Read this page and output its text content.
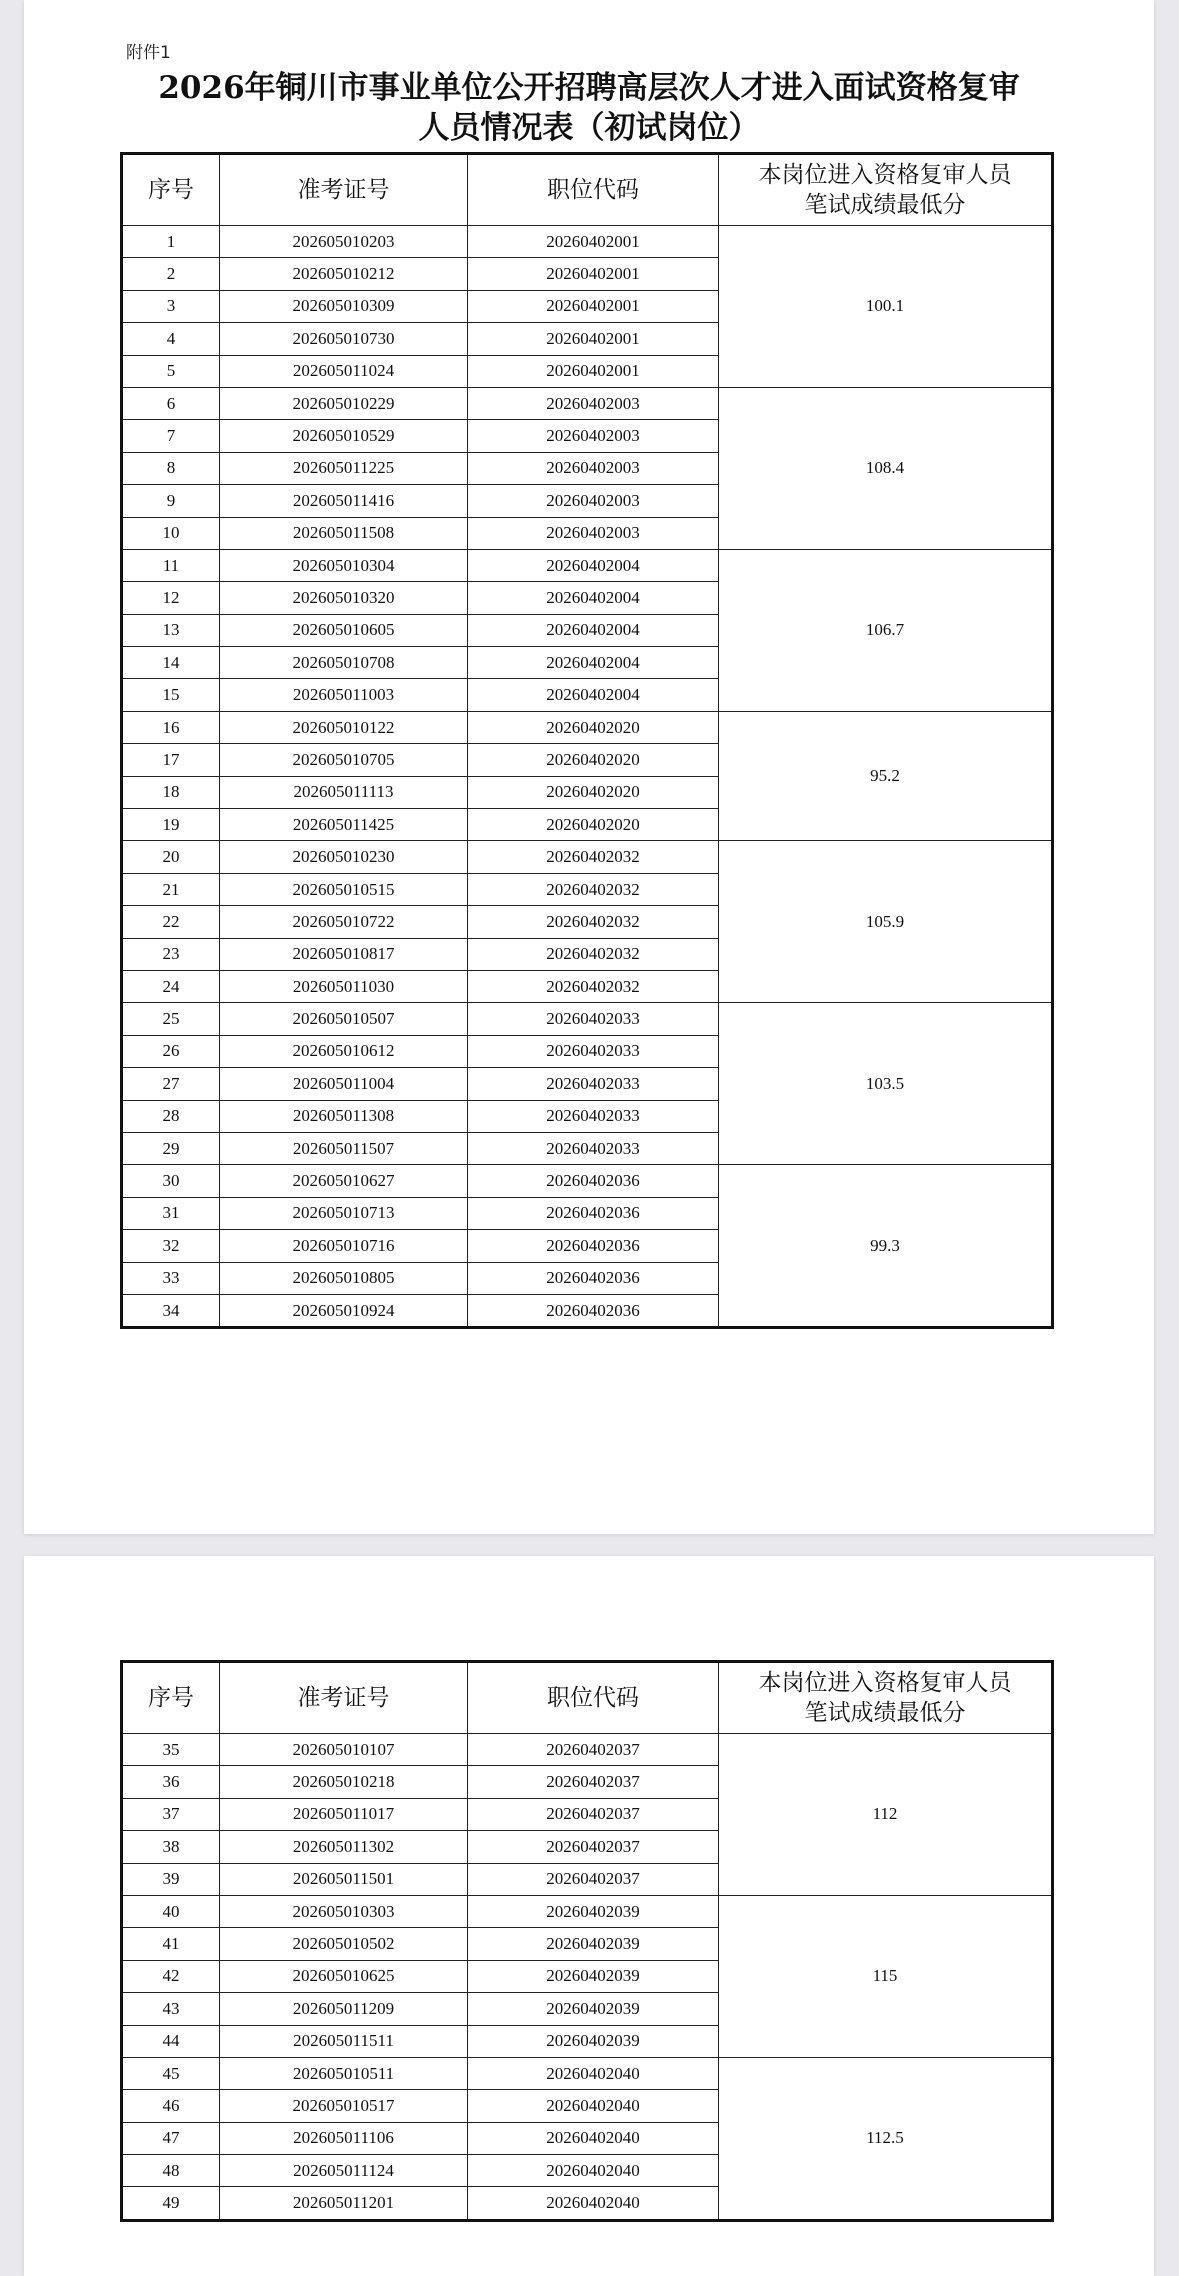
附件1
2026年铜川市事业单位公开招聘高层次人才进入面试资格复审
人员情况表（初试岗位）
序号	准考证号	职位代码	本岗位进入资格复审人员
笔试成绩最低分
1	202605010203	20260402001	100.1
2	202605010212	20260402001	
3	202605010309	20260402001	
4	202605010730	20260402001	
5	202605011024	20260402001	
6	202605010229	20260402003	108.4
7	202605010529	20260402003	
8	202605011225	20260402003	
9	202605011416	20260402003	
10	202605011508	20260402003	
11	202605010304	20260402004	106.7
12	202605010320	20260402004	
13	202605010605	20260402004	
14	202605010708	20260402004	
15	202605011003	20260402004	
16	202605010122	20260402020	95.2
17	202605010705	20260402020	
18	202605011113	20260402020	
19	202605011425	20260402020	
20	202605010230	20260402032	105.9
21	202605010515	20260402032	
22	202605010722	20260402032	
23	202605010817	20260402032	
24	202605011030	20260402032	
25	202605010507	20260402033	103.5
26	202605010612	20260402033	
27	202605011004	20260402033	
28	202605011308	20260402033	
29	202605011507	20260402033	
30	202605010627	20260402036	99.3
31	202605010713	20260402036	
32	202605010716	20260402036	
33	202605010805	20260402036	
34	202605010924	20260402036	
序号	准考证号	职位代码	本岗位进入资格复审人员
笔试成绩最低分
35	202605010107	20260402037	112
36	202605010218	20260402037	
37	202605011017	20260402037	
38	202605011302	20260402037	
39	202605011501	20260402037	
40	202605010303	20260402039	115
41	202605010502	20260402039	
42	202605010625	20260402039	
43	202605011209	20260402039	
44	202605011511	20260402039	
45	202605010511	20260402040	112.5
46	202605010517	20260402040	
47	202605011106	20260402040	
48	202605011124	20260402040	
49	202605011201	20260402040	
